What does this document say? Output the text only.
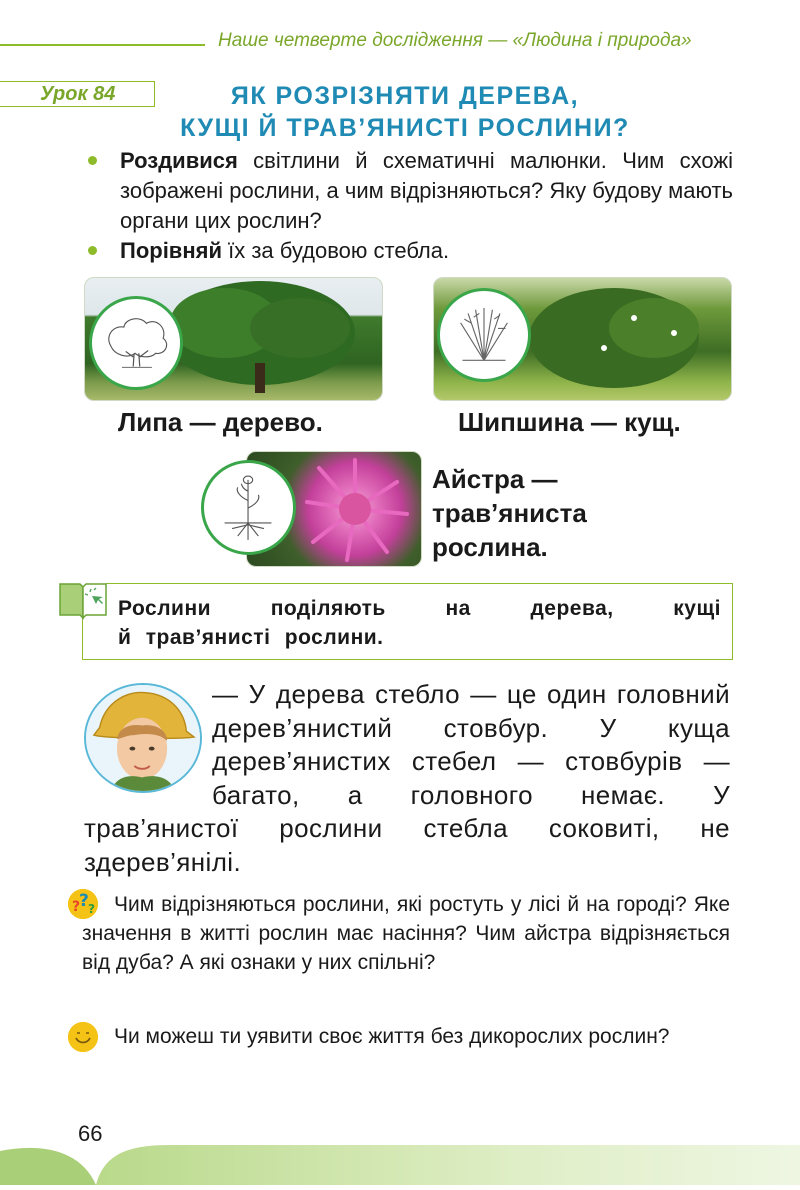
Наше четверте дослідження — «Людина і природа»
Урок 84	ЯК РОЗРІЗНЯТИ ДЕРЕВА,
КУЩІ Й ТРАВ’ЯНИСТІ РОСЛИНИ?
Роздивися світлини й схематичні малюнки. Чим схожі зображені рослини, а чим відрізняються? Яку будову мають органи цих рослин?
Порівняй їх за будовою стебла.
Липа — дерево.	Шипшина — кущ.
Айстра —
трав’яниста
рослина.
Рослини поділяють на дерева, кущі
й трав’янисті рослини.
— У дерева стебло — це один головний дерев’янистий стовбур. У куща дерев’янистих стебел — стовбурів — багато, а головного немає. У трав’янистої рослини стебла соковиті, не здерев’янілі.
?
? ? Чим відрізняються рослини, які ростуть у лісі й на городі? Яке значення в житті рослин має насіння? Чим айстра відрізняється від дуба? А які ознаки у них спільні?
Чи можеш ти уявити своє життя без дикорослих рослин?
66
